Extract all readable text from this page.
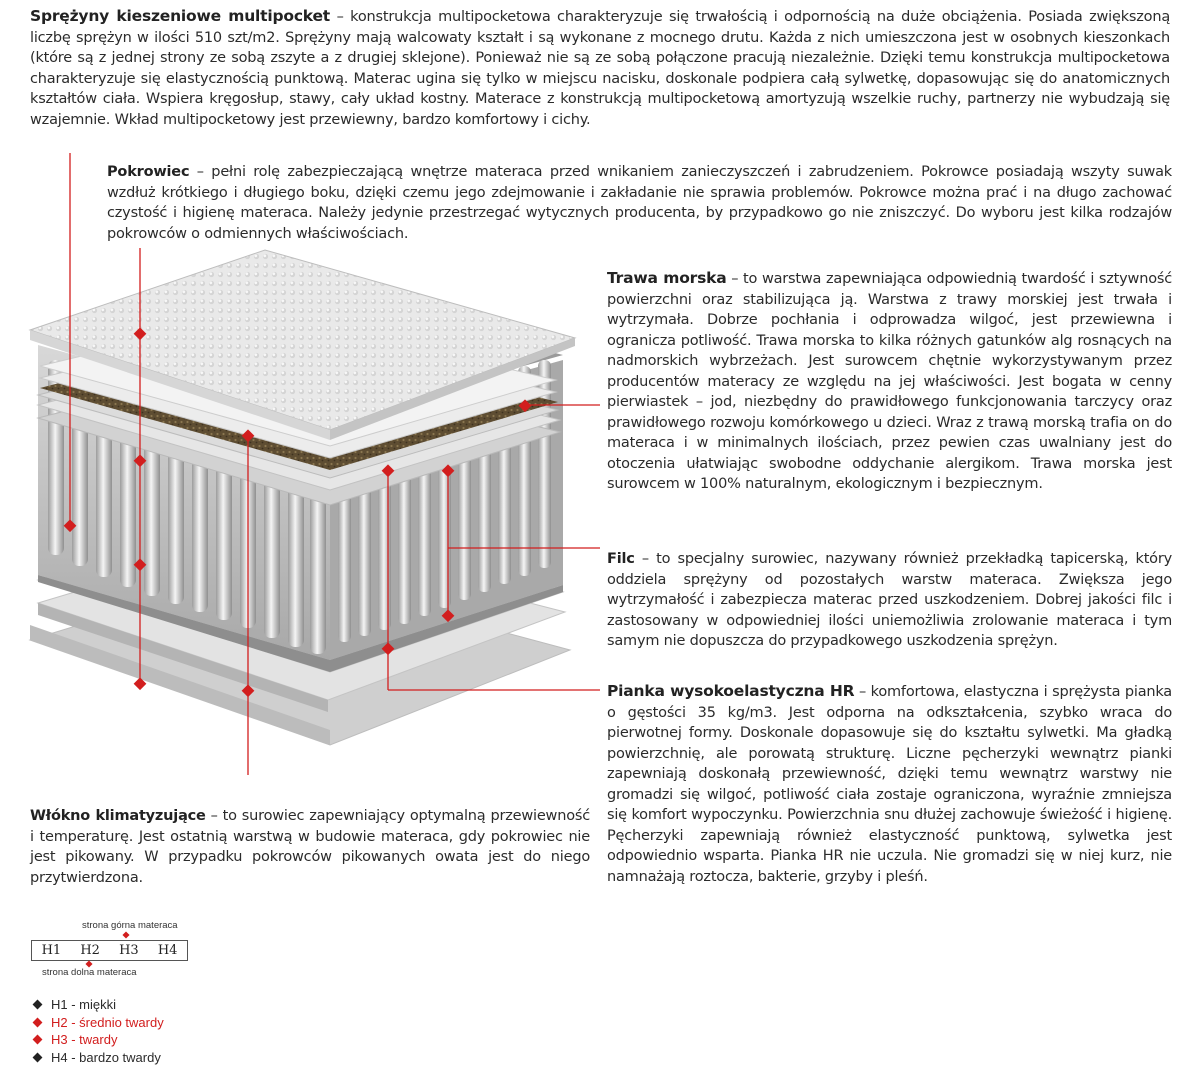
Sprężyny kieszeniowe multipocket – konstrukcja multipocketowa charakteryzuje się trwałością i odpornością na duże obciążenia. Posiada zwiększoną liczbę sprężyn w ilości 510 szt/m2. Sprężyny mają walcowaty kształt i są wykonane z mocnego drutu. Każda z nich umieszczona jest w osobnych kieszonkach (które są z jednej strony ze sobą zszyte a z drugiej sklejone). Ponieważ nie są ze sobą połączone pracują niezależnie. Dzięki temu konstrukcja multipocketowa charakteryzuje się elastycznością punktową. Materac ugina się tylko w miejscu nacisku, doskonale podpiera całą sylwetkę, dopasowując się do anatomicznych kształtów ciała. Wspiera kręgosłup, stawy, cały układ kostny. Materace z konstrukcją multipocketową amortyzują wszelkie ruchy, partnerzy nie wybudzają się wzajemnie. Wkład multipocketowy jest przewiewny, bardzo komfortowy i cichy.
Pokrowiec – pełni rolę zabezpieczającą wnętrze materaca przed wnikaniem zanieczyszczeń i zabrudzeniem. Pokrowce posiadają wszyty suwak wzdłuż krótkiego i długiego boku, dzięki czemu jego zdejmowanie i zakładanie nie sprawia problemów. Pokrowce można prać i na długo zachować czystość i higienę materaca. Należy jedynie przestrzegać wytycznych producenta, by przypadkowo go nie zniszczyć. Do wyboru jest kilka rodzajów pokrowców o odmiennych właściwościach.
Trawa morska – to warstwa zapewniająca odpowiednią twardość i sztywność powierzchni oraz stabilizująca ją. Warstwa z trawy morskiej jest trwała i wytrzymała. Dobrze pochłania i odprowadza wilgoć, jest przewiewna i ogranicza potliwość. Trawa morska to kilka różnych gatunków alg rosnących na nadmorskich wybrzeżach. Jest surowcem chętnie wykorzystywanym przez producentów materacy ze względu na jej właściwości. Jest bogata w cenny pierwiastek – jod, niezbędny do prawidłowego funkcjonowania tarczycy oraz prawidłowego rozwoju komórkowego u dzieci. Wraz z trawą morską trafia on do materaca i w minimalnych ilościach, przez pewien czas uwalniany jest do otoczenia ułatwiając swobodne oddychanie alergikom. Trawa morska jest surowcem w 100% naturalnym, ekologicznym i bezpiecznym.
Filc – to specjalny surowiec, nazywany również przekładką tapicerską, który oddziela sprężyny od pozostałych warstw materaca. Zwiększa jego wytrzymałość i zabezpiecza materac przed uszkodzeniem. Dobrej jakości filc i zastosowany w odpowiedniej ilości uniemożliwia zrolowanie materaca i tym samym nie dopuszcza do przypadkowego uszkodzenia sprężyn.
Pianka wysokoelastyczna HR – komfortowa, elastyczna i sprężysta pianka o gęstości 35 kg/m3. Jest odporna na odkształcenia, szybko wraca do pierwotnej formy. Doskonale dopasowuje się do kształtu sylwetki. Ma gładką powierzchnię, ale porowatą strukturę. Liczne pęcherzyki wewnątrz pianki zapewniają doskonałą przewiewność, dzięki temu wewnątrz warstwy nie gromadzi się wilgoć, potliwość ciała zostaje ograniczona, wyraźnie zmniejsza się komfort wypoczynku. Powierzchnia snu dłużej zachowuje świeżość i higienę. Pęcherzyki zapewniają również elastyczność punktową, sylwetka jest odpowiednio wsparta. Pianka HR nie uczula. Nie gromadzi się w niej kurz, nie namnażają roztocza, bakterie, grzyby i pleśń.
Włókno klimatyzujące – to surowiec zapewniający optymalną przewiewność i temperaturę. Jest ostatnią warstwą w budowie materaca, gdy pokrowiec nie jest pikowany. W przypadku pokrowców pikowanych owata jest do niego przytwierdzona.
strona górna materaca
H1	H2	H3	H4
strona dolna materaca
H1 - miękki
H2 - średnio twardy
H3 - twardy
H4 - bardzo twardy
